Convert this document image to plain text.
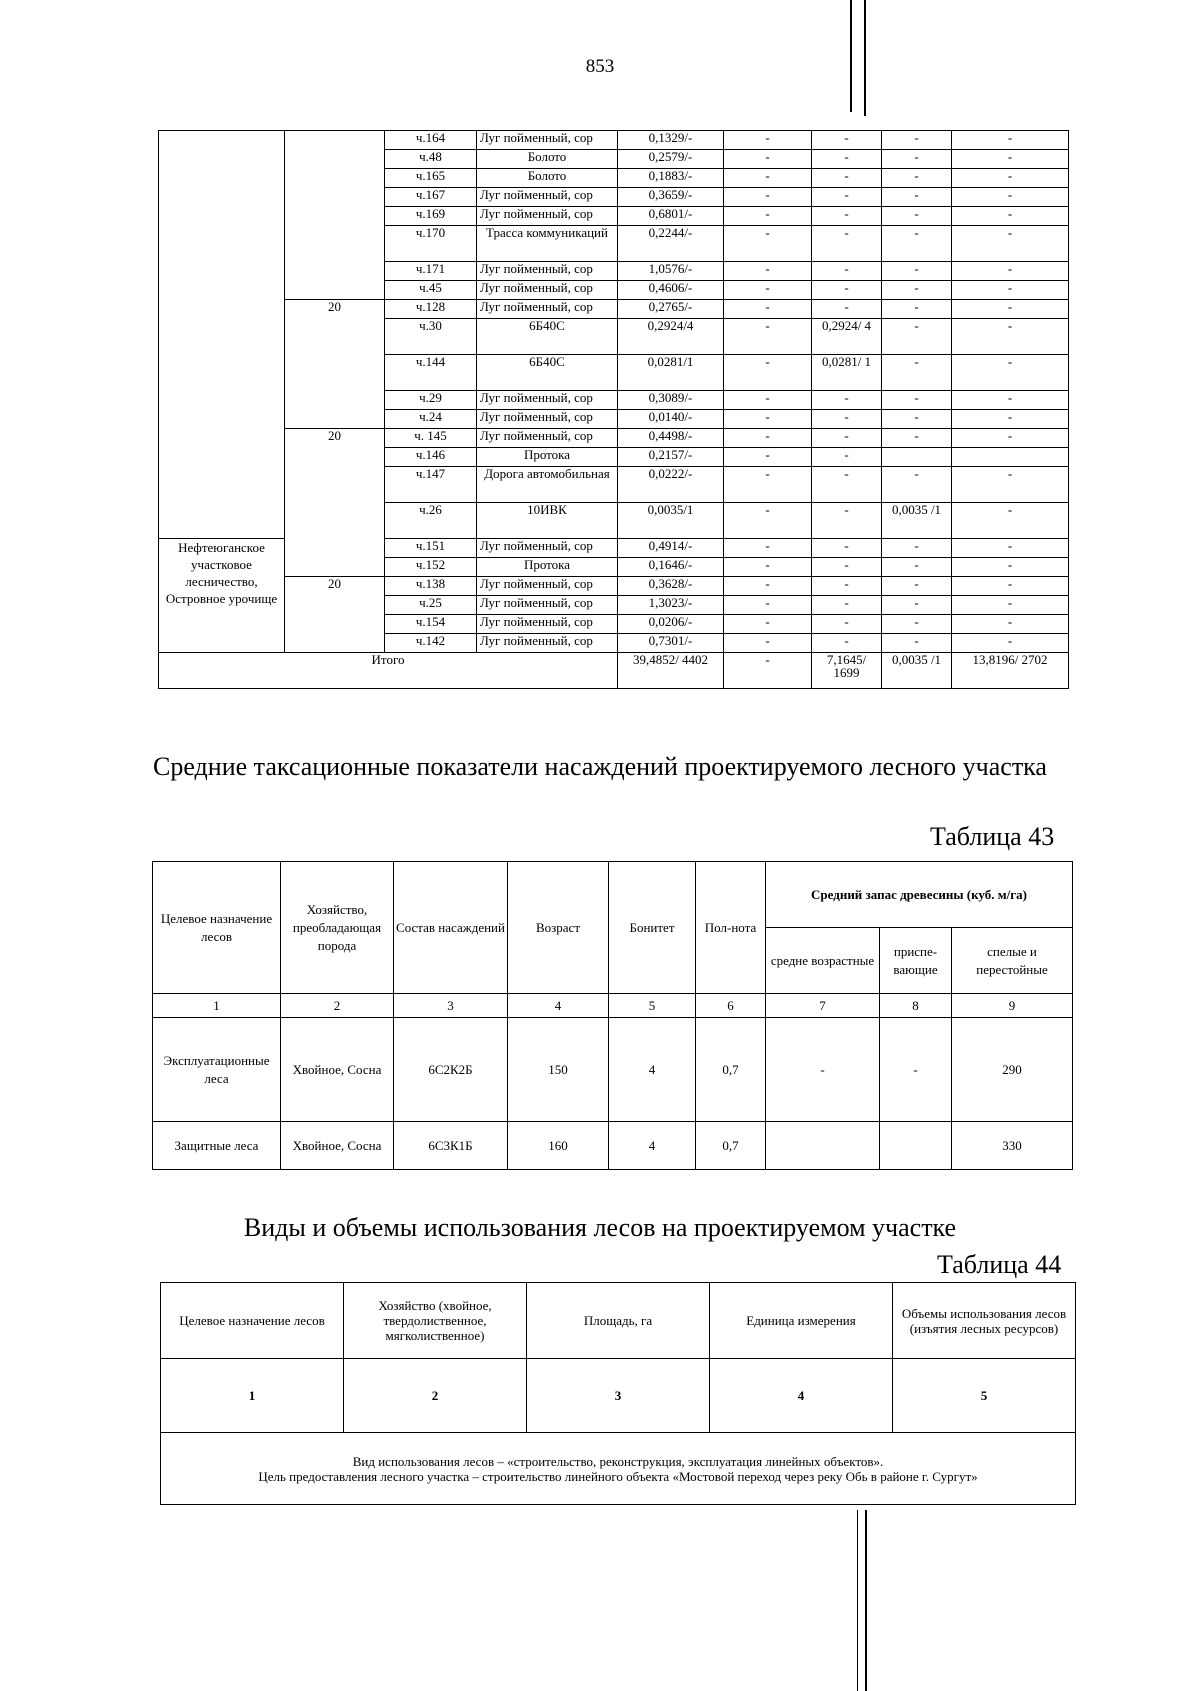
853
		ч.164	Луг пойменный, сор	0,1329/-	-	-	-	-
		ч.48	Болото	0,2579/-	-	-	-	-
		ч.165	Болото	0,1883/-	-	-	-	-
		ч.167	Луг пойменный, сор	0,3659/-	-	-	-	-
		ч.169	Луг пойменный, сор	0,6801/-	-	-	-	-
		ч.170	Трасса коммуникаций	0,2244/-	-	-	-	-
		ч.171	Луг пойменный, сор	1,0576/-	-	-	-	-
		ч.45	Луг пойменный, сор	0,4606/-	-	-	-	-
	20	ч.128	Луг пойменный, сор	0,2765/-	-	-	-	-
		ч.30	6Б40С	0,2924/4	-	0,2924/ 4	-	-
		ч.144	6Б40С	0,0281/1	-	0,0281/ 1	-	-
		ч.29	Луг пойменный, сор	0,3089/-	-	-	-	-
		ч.24	Луг пойменный, сор	0,0140/-	-	-	-	-
	20	ч. 145	Луг пойменный, сор	0,4498/-	-	-	-	-
		ч.146	Протока	0,2157/-	-	-		
		ч.147	Дорога автомобильная	0,0222/-	-	-	-	-
		ч.26	10ИВК	0,0035/1	-	-	0,0035 /1	-
Нефтеюганское участковое лесничество, Островное урочище		ч.151	Луг пойменный, сор	0,4914/-	-	-	-	-
		ч.152	Протока	0,1646/-	-	-	-	-
	20	ч.138	Луг пойменный, сор	0,3628/-	-	-	-	-
		ч.25	Луг пойменный, сор	1,3023/-	-	-	-	-
		ч.154	Луг пойменный, сор	0,0206/-	-	-	-	-
		ч.142	Луг пойменный, сор	0,7301/-	-	-	-	-
Итого				39,4852/ 4402	-	7,1645/ 1699	0,0035 /1	13,8196/ 2702
Средние таксационные показатели насаждений проектируемого лесного участка
Таблица 43
Целевое назначение лесов	Хозяйство, преобладающая порода	Состав насаждений	Возраст	Бонитет	Пол-нота	Средний запас древесины (куб. м/га)		
						средне возрастные	приспе-вающие	спелые и перестойные
1	2	3	4	5	6	7	8	9
Эксплуатационные леса	Хвойное, Сосна	6С2К2Б	150	4	0,7	-	-	290
Защитные леса	Хвойное, Сосна	6С3К1Б	160	4	0,7			330
Виды и объемы использования лесов на проектируемом участке
Таблица 44
Целевое назначение лесов	Хозяйство (хвойное, твердолиственное, мягколиственное)	Площадь, га	Единица измерения	Объемы использования лесов (изъятия лесных ресурсов)
1	2	3	4	5

Вид использования лесов – «строительство, реконструкция, эксплуатация линейных объектов».
Цель предоставления лесного участка – строительство линейного объекта «Мостовой переход через реку Обь в районе г. Сургут»				
